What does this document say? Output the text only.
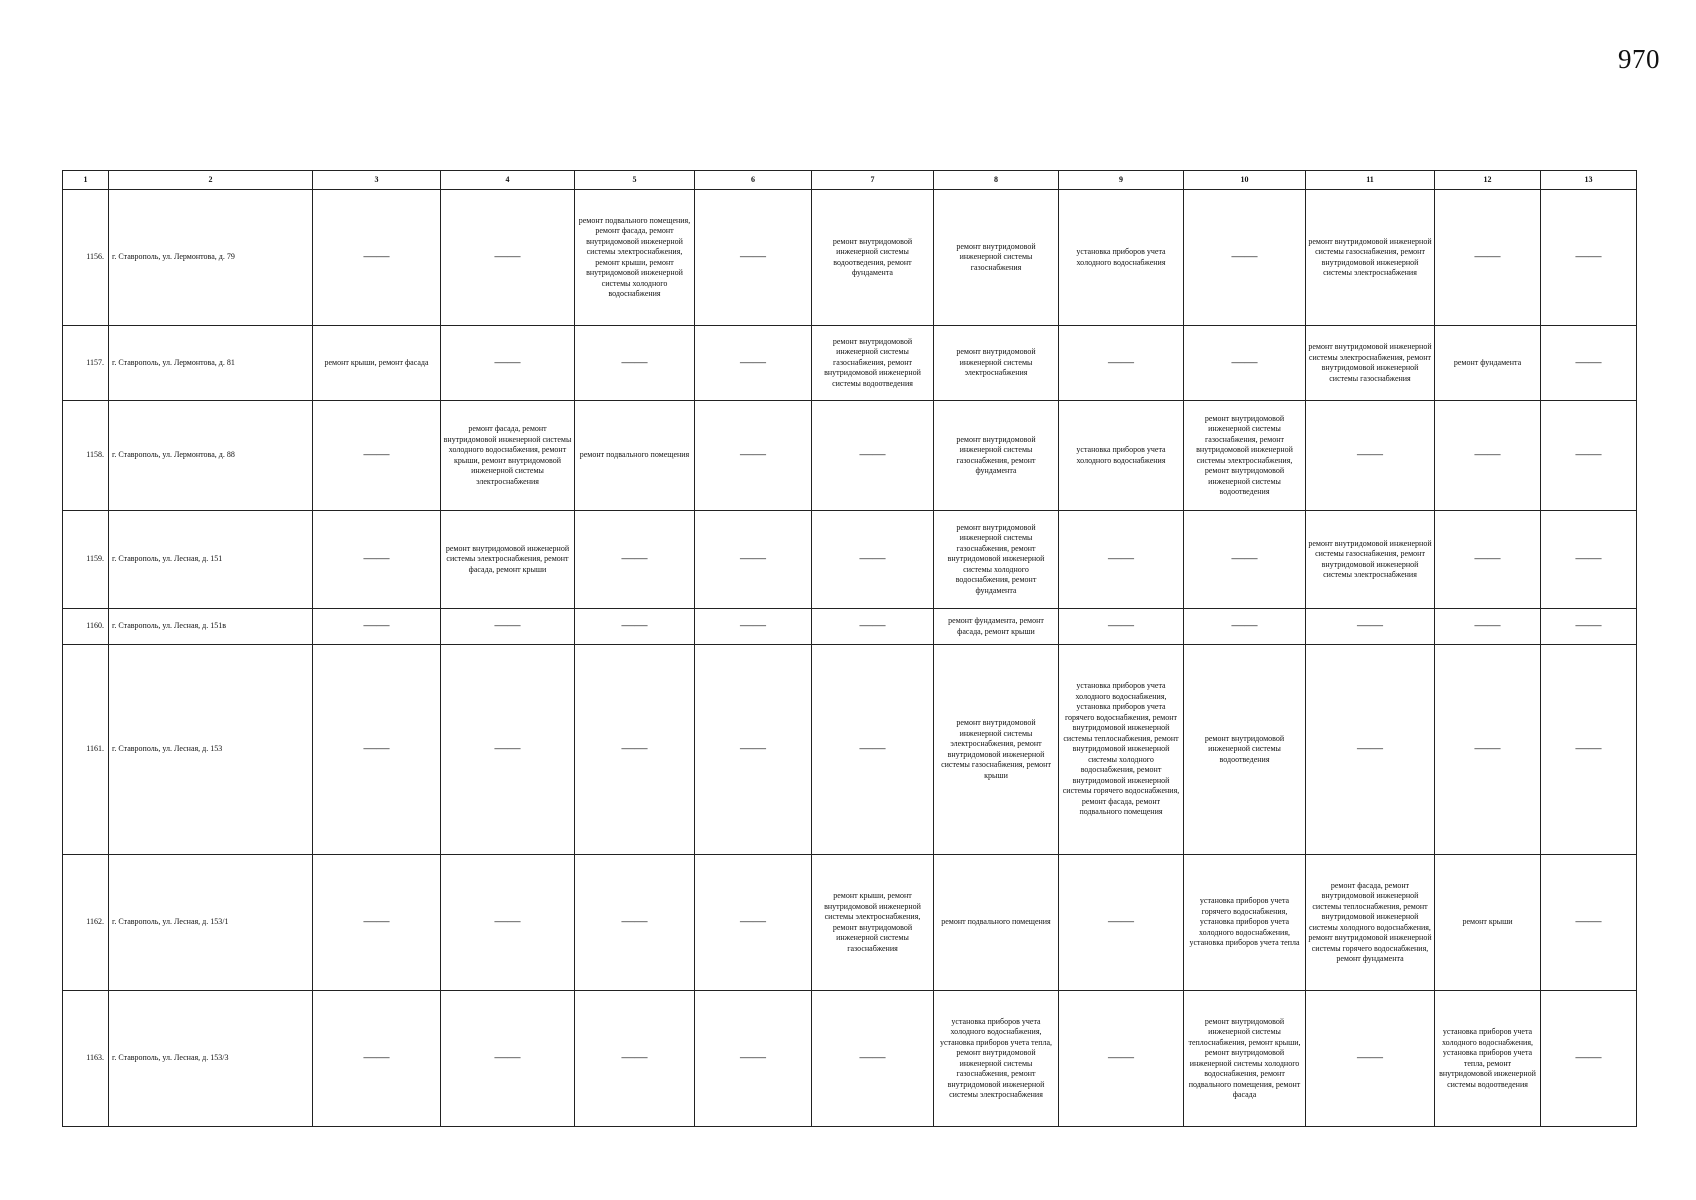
970
1	2	3	4	5	6	7	8	9	10	11	12	13
1156.	г. Ставрополь, ул. Лермонтова, д. 79	——	——	ремонт подвального помещения, ремонт фасада, ремонт внутридомовой инженерной системы электроснабжения, ремонт крыши, ремонт внутридомовой инженерной системы холодного водоснабжения	——	ремонт внутридомовой инженерной системы водоотведения, ремонт фундамента	ремонт внутридомовой инженерной системы газоснабжения	установка приборов учета холодного водоснабжения	——	ремонт внутридомовой инженерной системы газоснабжения, ремонт внутридомовой инженерной системы электроснабжения	——	——
1157.	г. Ставрополь, ул. Лермонтова, д. 81	ремонт крыши, ремонт фасада	——	——	——	ремонт внутридомовой инженерной системы газоснабжения, ремонт внутридомовой инженерной системы водоотведения	ремонт внутридомовой инженерной системы электроснабжения	——	——	ремонт внутридомовой инженерной системы электроснабжения, ремонт внутридомовой инженерной системы газоснабжения	ремонт фундамента	——
1158.	г. Ставрополь, ул. Лермонтова, д. 88	——	ремонт фасада, ремонт внутридомовой инженерной системы холодного водоснабжения, ремонт крыши, ремонт внутридомовой инженерной системы электроснабжения	ремонт подвального помещения	——	——	ремонт внутридомовой инженерной системы газоснабжения, ремонт фундамента	установка приборов учета холодного водоснабжения	ремонт внутридомовой инженерной системы газоснабжения, ремонт внутридомовой инженерной системы электроснабжения, ремонт внутридомовой инженерной системы водоотведения	——	——	——
1159.	г. Ставрополь, ул. Лесная, д. 151	——	ремонт внутридомовой инженерной системы электроснабжения, ремонт фасада, ремонт крыши	——	——	——	ремонт внутридомовой инженерной системы газоснабжения, ремонт внутридомовой инженерной системы холодного водоснабжения, ремонт фундамента	——	——	ремонт внутридомовой инженерной системы газоснабжения, ремонт внутридомовой инженерной системы электроснабжения	——	——
1160.	г. Ставрополь, ул. Лесная, д. 151в	——	——	——	——	——	ремонт фундамента, ремонт фасада, ремонт крыши	——	——	——	——	——
1161.	г. Ставрополь, ул. Лесная, д. 153	——	——	——	——	——	ремонт внутридомовой инженерной системы электроснабжения, ремонт внутридомовой инженерной системы газоснабжения, ремонт крыши	установка приборов учета холодного водоснабжения, установка приборов учета горячего водоснабжения, ремонт внутридомовой инженерной системы теплоснабжения, ремонт внутридомовой инженерной системы холодного водоснабжения, ремонт внутридомовой инженерной системы горячего водоснабжения, ремонт фасада, ремонт подвального помещения	ремонт внутридомовой инженерной системы водоотведения	——	——	——
1162.	г. Ставрополь, ул. Лесная, д. 153/1	——	——	——	——	ремонт крыши, ремонт внутридомовой инженерной системы электроснабжения, ремонт внутридомовой инженерной системы газоснабжения	ремонт подвального помещения	——	установка приборов учета горячего водоснабжения, установка приборов учета холодного водоснабжения, установка приборов учета тепла	ремонт фасада, ремонт внутридомовой инженерной системы теплоснабжения, ремонт внутридомовой инженерной системы холодного водоснабжения, ремонт внутридомовой инженерной системы горячего водоснабжения, ремонт фундамента	ремонт крыши	——
1163.	г. Ставрополь, ул. Лесная, д. 153/3	——	——	——	——	——	установка приборов учета холодного водоснабжения, установка приборов учета тепла, ремонт внутридомовой инженерной системы газоснабжения, ремонт внутридомовой инженерной системы электроснабжения	——	ремонт внутридомовой инженерной системы теплоснабжения, ремонт крыши, ремонт внутридомовой инженерной системы холодного водоснабжения, ремонт подвального помещения, ремонт фасада	——	установка приборов учета холодного водоснабжения, установка приборов учета тепла, ремонт внутридомовой инженерной системы водоотведения	——
